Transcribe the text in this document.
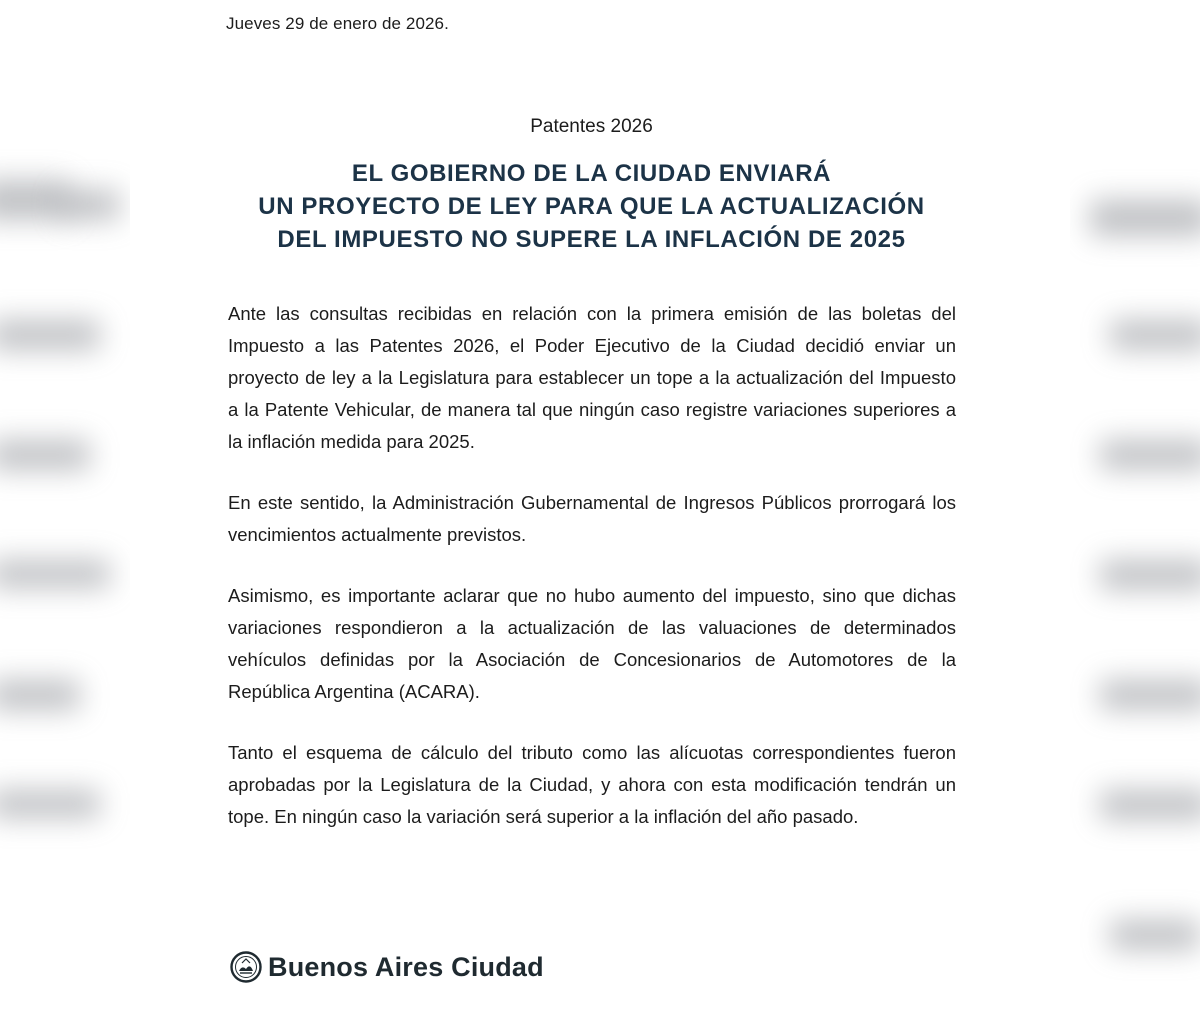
Jueves 29 de enero de 2026.
Patentes 2026
EL GOBIERNO DE LA CIUDAD ENVIARÁ
UN PROYECTO DE LEY PARA QUE LA ACTUALIZACIÓN
DEL IMPUESTO NO SUPERE LA INFLACIÓN DE 2025

Ante las consultas recibidas en relación con la primera emisión de las boletas del Impuesto a las Patentes 2026, el Poder Ejecutivo de la Ciudad decidió enviar un proyecto de ley a la Legislatura para establecer un tope a la actualización del Impuesto a la Patente Vehicular, de manera tal que ningún caso registre variaciones superiores a la inflación medida para 2025.

En este sentido, la Administración Gubernamental de Ingresos Públicos prorrogará los vencimientos actualmente previstos.

Asimismo, es importante aclarar que no hubo aumento del impuesto, sino que dichas variaciones respondieron a la actualización de las valuaciones de determinados vehículos definidas por la Asociación de Concesionarios de Automotores de la República Argentina (ACARA).

Tanto el esquema de cálculo del tributo como las alícuotas correspondientes fueron aprobadas por la Legislatura de la Ciudad, y ahora con esta modificación tendrán un tope. En ningún caso la variación será superior a la inflación del año pasado.

Buenos Aires Ciudad
